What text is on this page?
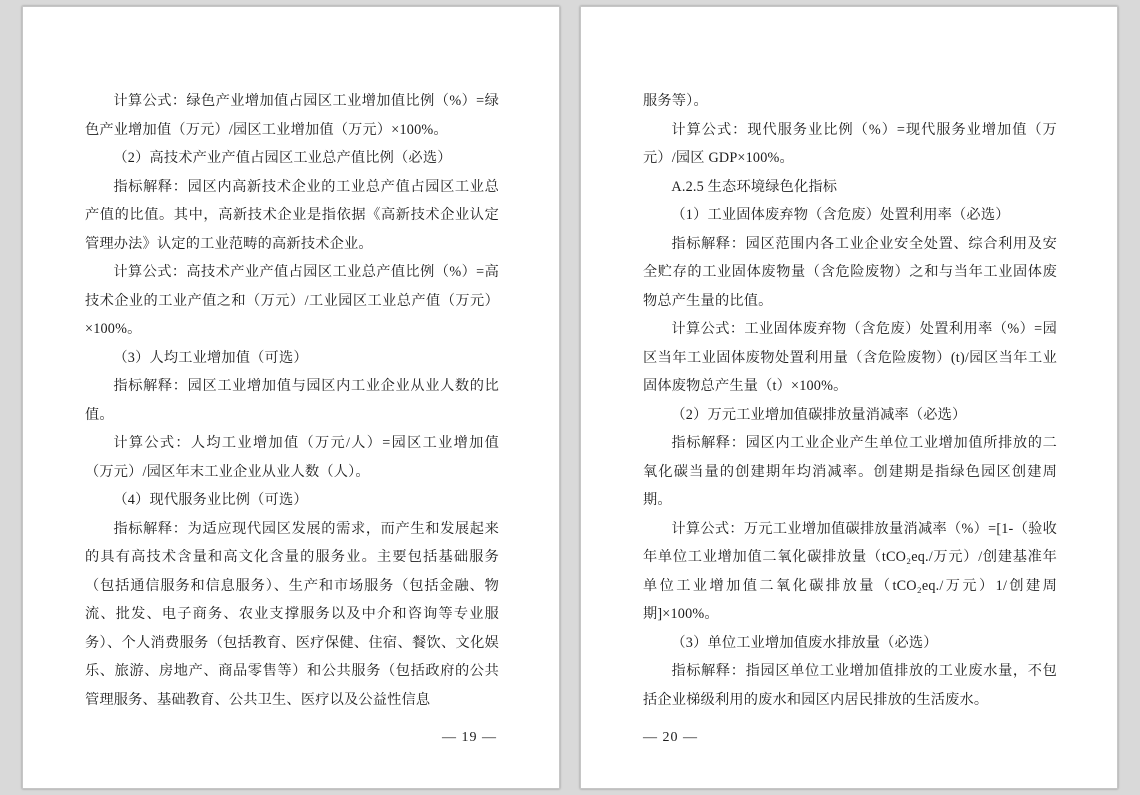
计算公式：绿色产业增加值占园区工业增加值比例（%）=绿色产业增加值（万元）/园区工业增加值（万元）×100%。

（2）高技术产业产值占园区工业总产值比例（必选）

指标解释：园区内高新技术企业的工业总产值占园区工业总产值的比值。其中，高新技术企业是指依据《高新技术企业认定管理办法》认定的工业范畴的高新技术企业。

计算公式：高技术产业产值占园区工业总产值比例（%）=高技术企业的工业产值之和（万元）/工业园区工业总产值（万元）×100%。

（3）人均工业增加值（可选）

指标解释：园区工业增加值与园区内工业企业从业人数的比值。

计算公式：人均工业增加值（万元/人）=园区工业增加值（万元）/园区年末工业企业从业人数（人）。

（4）现代服务业比例（可选）

指标解释：为适应现代园区发展的需求，而产生和发展起来的具有高技术含量和高文化含量的服务业。主要包括基础服务（包括通信服务和信息服务）、生产和市场服务（包括金融、物流、批发、电子商务、农业支撑服务以及中介和咨询等专业服务）、个人消费服务（包括教育、医疗保健、住宿、餐饮、文化娱乐、旅游、房地产、商品零售等）和公共服务（包括政府的公共管理服务、基础教育、公共卫生、医疗以及公益性信息

— 19 —

服务等）。

计算公式：现代服务业比例（%）=现代服务业增加值（万元）/园区 GDP×100%。

A.2.5 生态环境绿色化指标

（1）工业固体废弃物（含危废）处置利用率（必选）

指标解释：园区范围内各工业企业安全处置、综合利用及安全贮存的工业固体废物量（含危险废物）之和与当年工业固体废物总产生量的比值。

计算公式：工业固体废弃物（含危废）处置利用率（%）=园区当年工业固体废物处置利用量（含危险废物）(t)/园区当年工业固体废物总产生量（t）×100%。

（2）万元工业增加值碳排放量消减率（必选）

指标解释：园区内工业企业产生单位工业增加值所排放的二氧化碳当量的创建期年均消减率。创建期是指绿色园区创建周期。

计算公式：万元工业增加值碳排放量消减率（%）=[1-（验收年单位工业增加值二氧化碳排放量（tCO₂eq./万元）/创建基准年单位工业增加值二氧化碳排放量（tCO₂eq./万元）1/创建周期]×100%。

（3）单位工业增加值废水排放量（必选）

指标解释：指园区单位工业增加值排放的工业废水量，不包括企业梯级利用的废水和园区内居民排放的生活废水。

— 20 —
